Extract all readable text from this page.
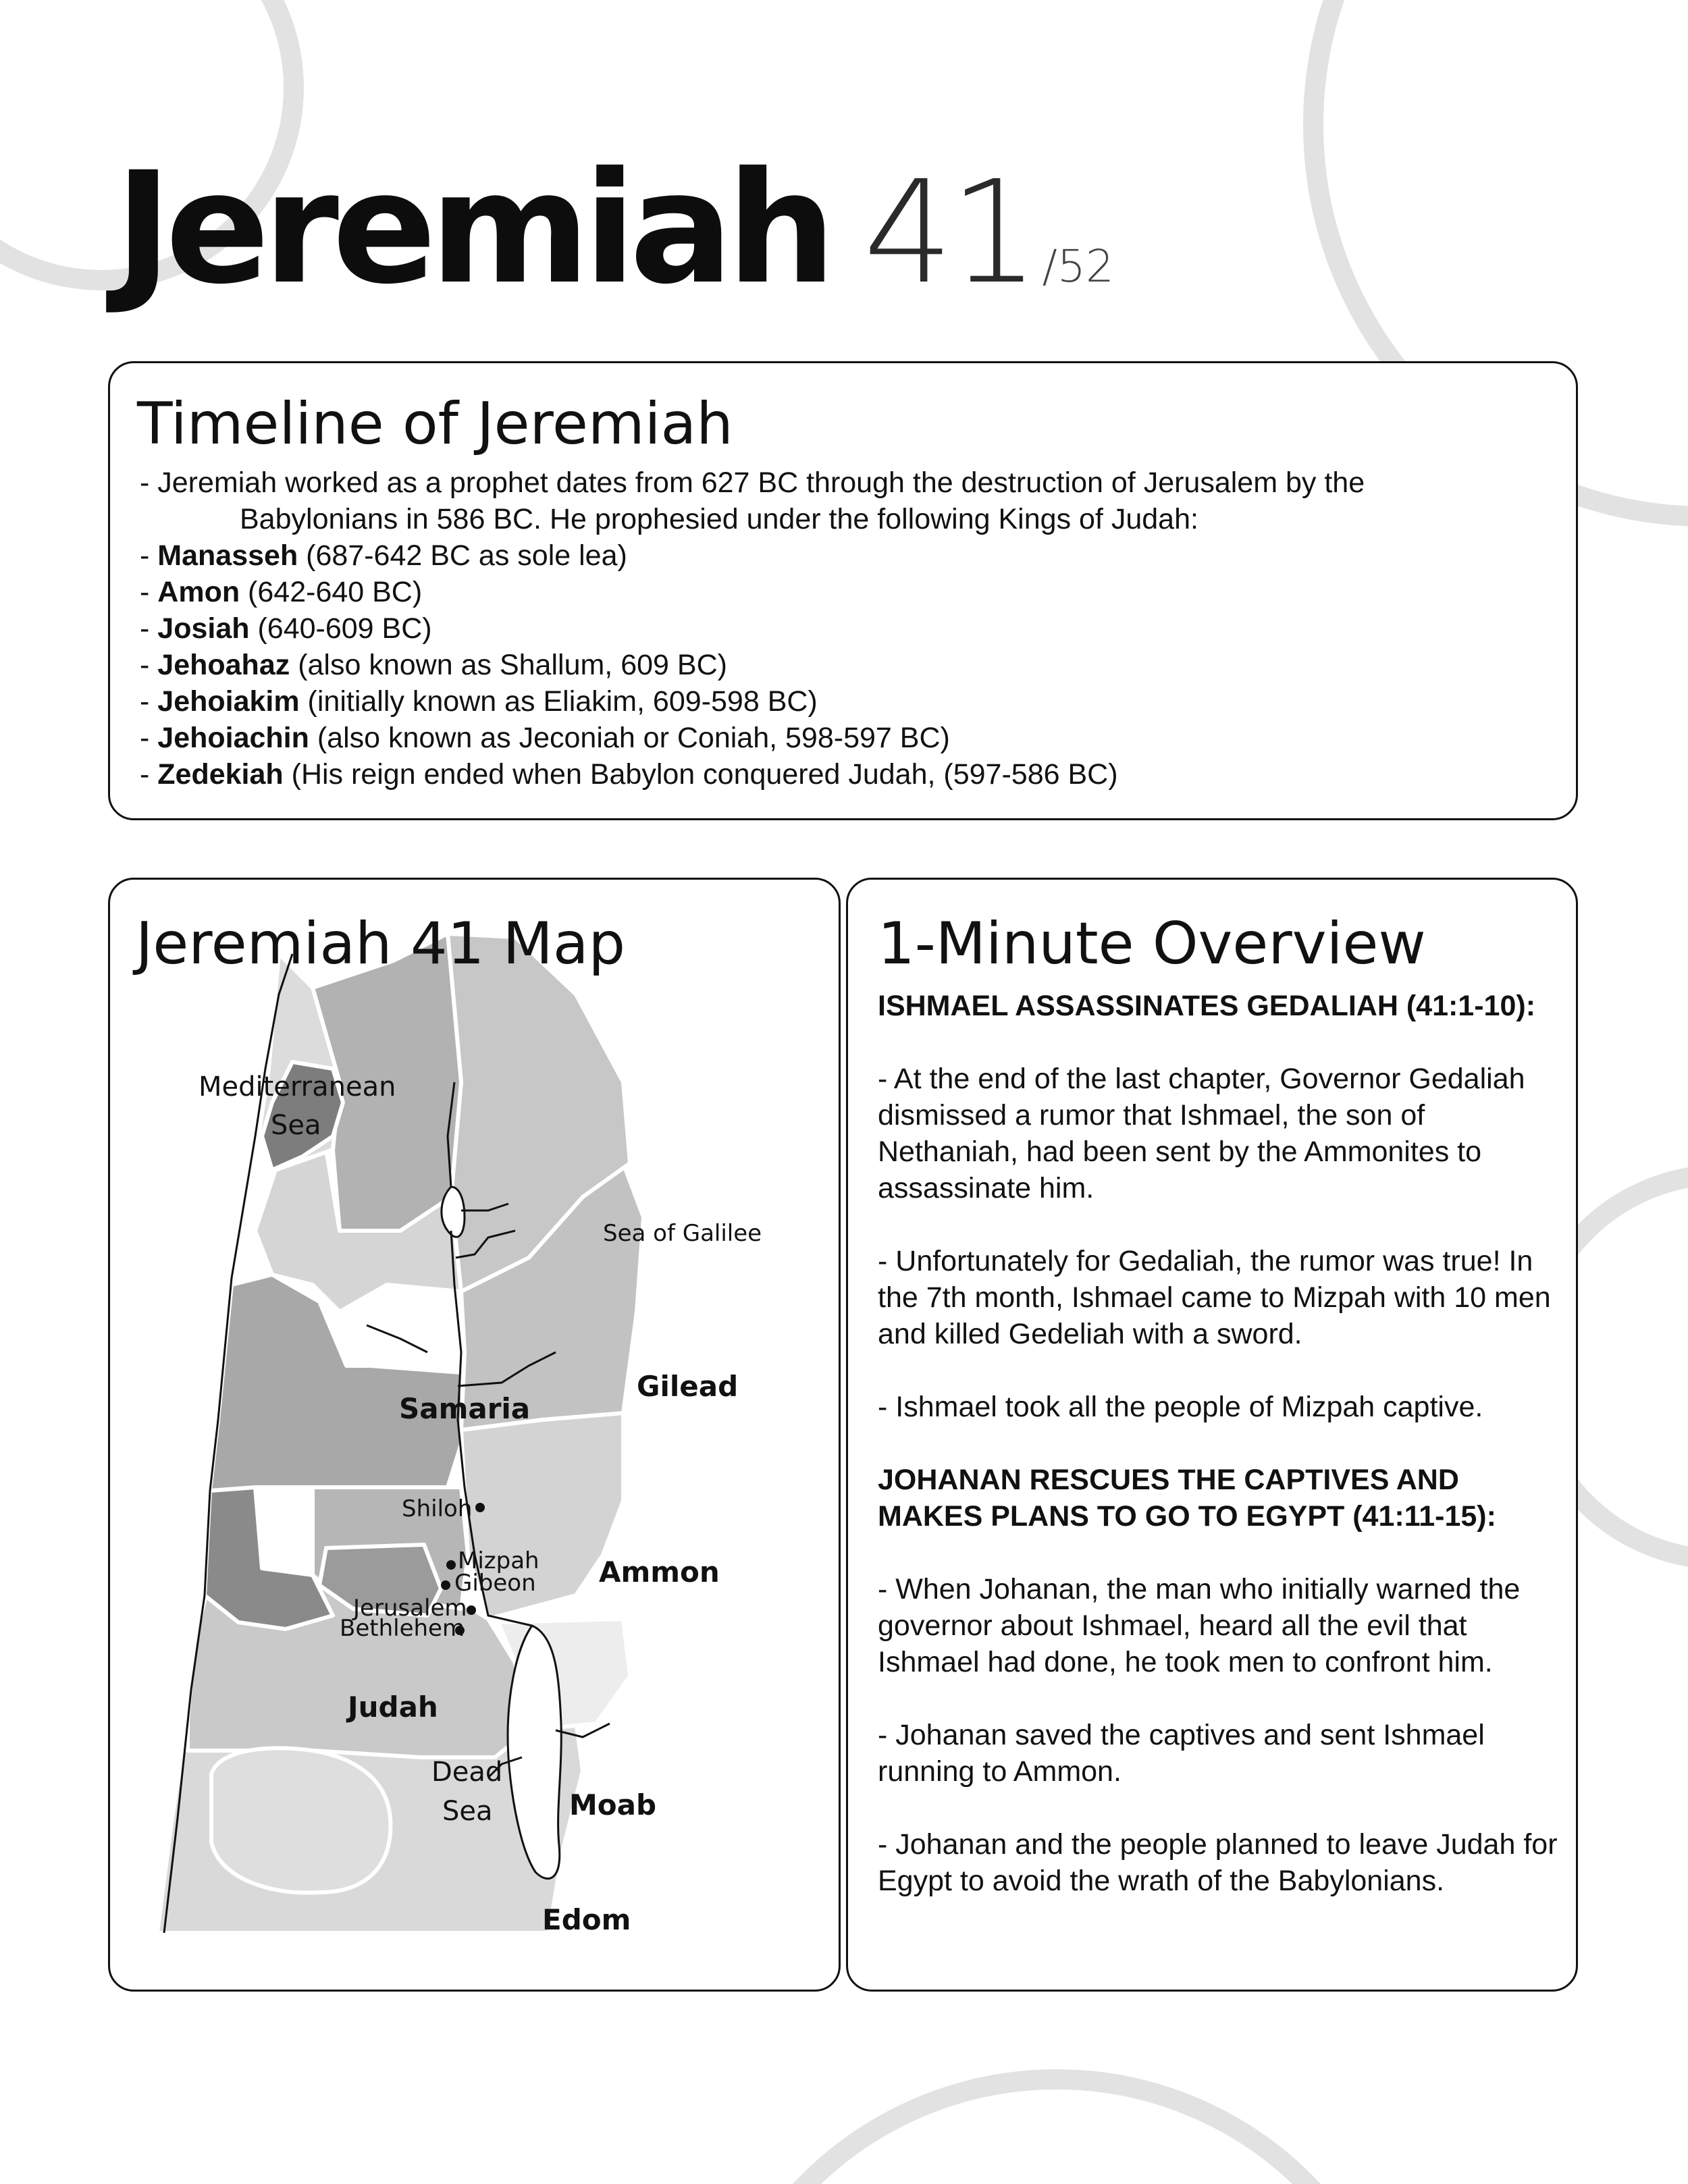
Jeremiah 41 /52
Timeline of Jeremiah
- Jeremiah worked as a prophet dates from 627 BC through the destruction of Jerusalem by the
Babylonians in 586 BC. He prophesied under the following Kings of Judah:
- Manasseh (687-642 BC as sole lea)
- Amon (642-640 BC)
- Josiah (640-609 BC)
- Jehoahaz (also known as Shallum, 609 BC)
- Jehoiakim (initially known as Eliakim, 609-598 BC)
- Jehoiachin (also known as Jeconiah or Coniah, 598-597 BC)
- Zedekiah (His reign ended when Babylon conquered Judah, (597-586 BC)
Mediterranean
Sea
Sea of Galilee
Gilead
Samaria
Shiloh
Mizpah
Gibeon
Jerusalem
Bethlehem
Ammon
Judah
Dead
Sea	Moab
Edom
Jeremiah 41 Map	1-Minute Overview

ISHMAEL ASSASSINATES GEDALIAH (41:1-10):

- At the end of the last chapter, Governor Gedaliah dismissed a rumor that Ishmael, the son of Nethaniah, had been sent by the Ammonites to assassinate him.

- Unfortunately for Gedaliah, the rumor was true! In the 7th month, Ishmael came to Mizpah with 10 men and killed Gedeliah with a sword.

- Ishmael took all the people of Mizpah captive.

JOHANAN RESCUES THE CAPTIVES AND

MAKES PLANS TO GO TO EGYPT (41:11-15):

- When Johanan, the man who initially warned the governor about Ishmael, heard all the evil that Ishmael had done, he took men to confront him.

- Johanan saved the captives and sent Ishmael running to Ammon.

- Johanan and the people planned to leave Judah for Egypt to avoid the wrath of the Babylonians.
